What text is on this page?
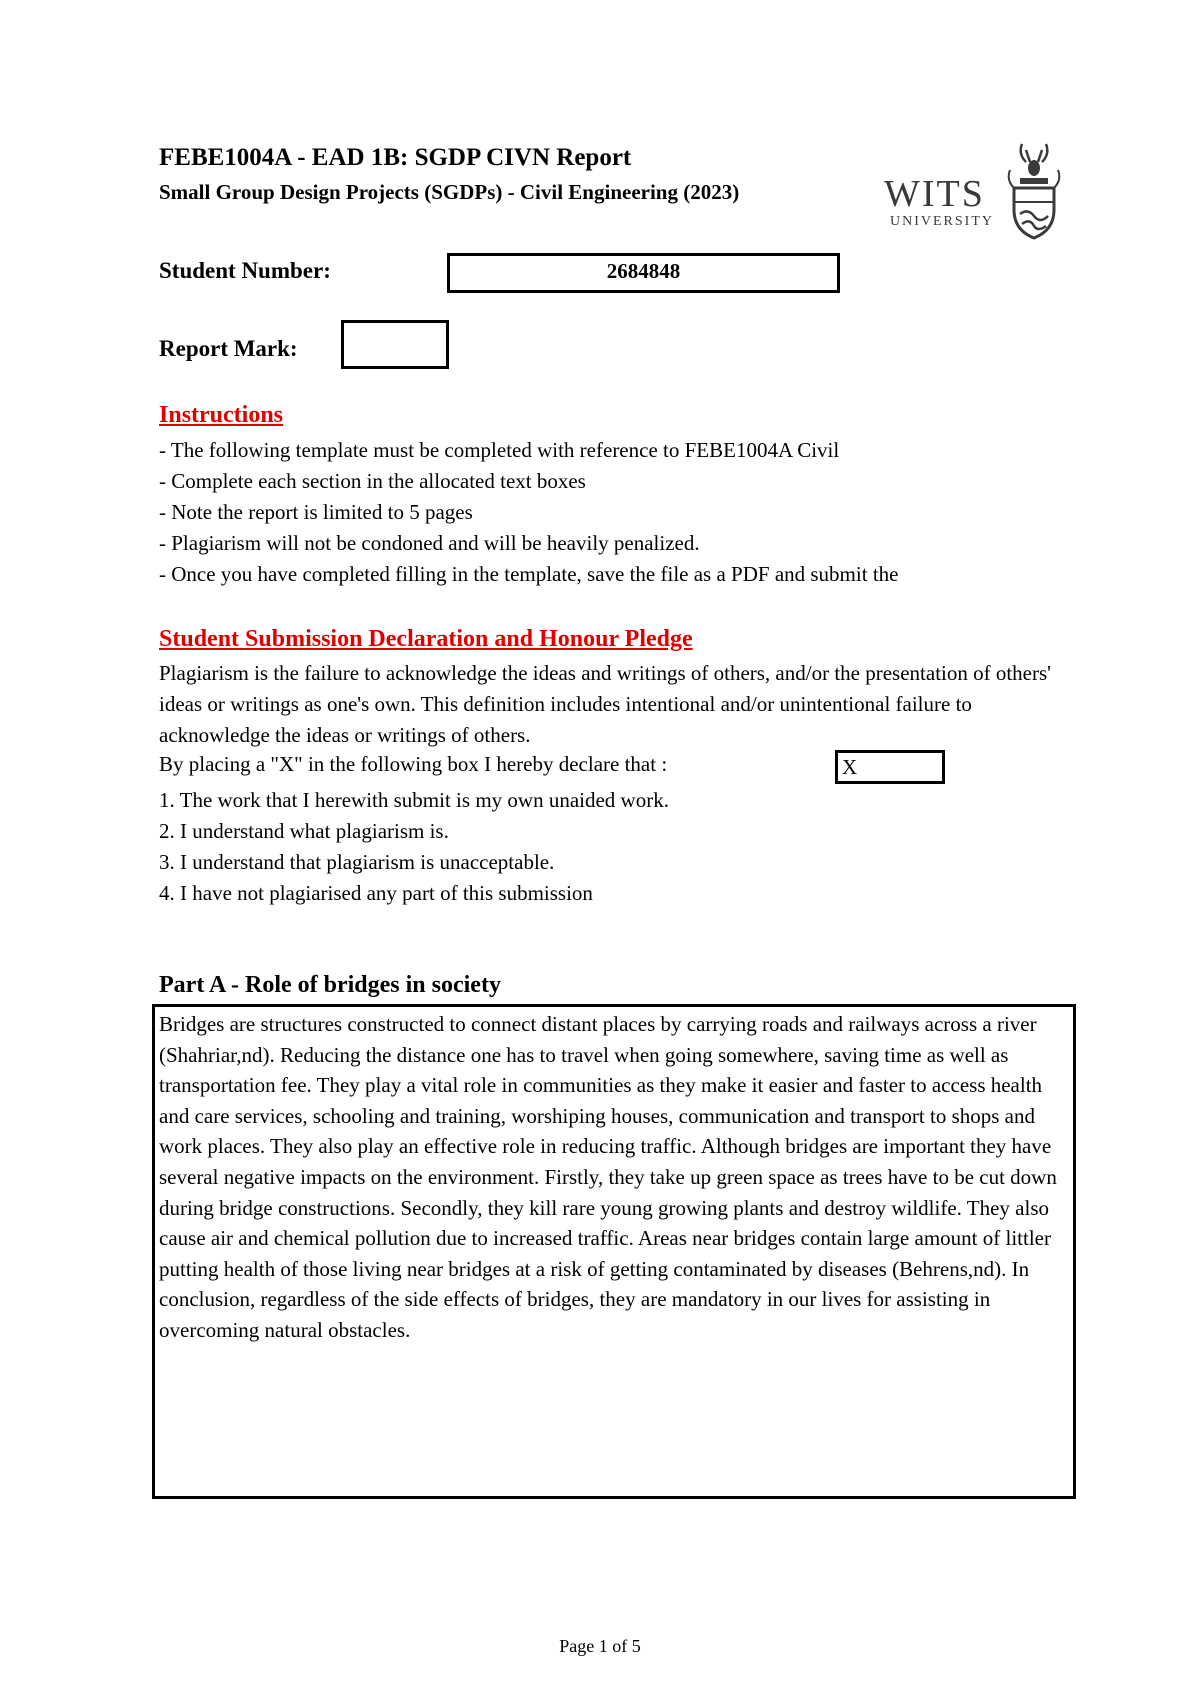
FEBE1004A - EAD 1B: SGDP CIVN Report
Small Group Design Projects (SGDPs) - Civil Engineering (2023)	WITS
UNIVERSITY
Student Number:	2684848
Report Mark:
Instructions
- The following template must be completed with reference to FEBE1004A Civil
- Complete each section in the allocated text boxes
- Note the report is limited to 5 pages
- Plagiarism will not be condoned and will be heavily penalized.
- Once you have completed filling in the template, save the file as a PDF and submit the
Student Submission Declaration and Honour Pledge

Plagiarism is the failure to acknowledge the ideas and writings of others, and/or the presentation of others' ideas or writings as one's own. This definition includes intentional and/or unintentional failure to acknowledge the ideas or writings of others.

By placing a "X" in the following box I hereby declare that :	X
1. The work that I herewith submit is my own unaided work.
2. I understand what plagiarism is.
3. I understand that plagiarism is unacceptable.
4. I have not plagiarised any part of this submission
Part A - Role of bridges in society

Bridges are structures constructed to connect distant places by carrying roads and railways across a river (Shahriar,nd). Reducing the distance one has to travel when going somewhere, saving time as well as transportation fee. They play a vital role in communities as they make it easier and faster to access health and care services, schooling and training, worshiping houses, communication and transport to shops and work places. They also play an effective role in reducing traffic. Although bridges are important they have several negative impacts on the environment. Firstly, they take up green space as trees have to be cut down during bridge constructions. Secondly, they kill rare young growing plants and destroy wildlife. They also cause air and chemical pollution due to increased traffic. Areas near bridges contain large amount of littler putting health of those living near bridges at a risk of getting contaminated by diseases (Behrens,nd). In conclusion, regardless of the side effects of bridges, they are mandatory in our lives for assisting in overcoming natural obstacles.

Page 1 of 5
